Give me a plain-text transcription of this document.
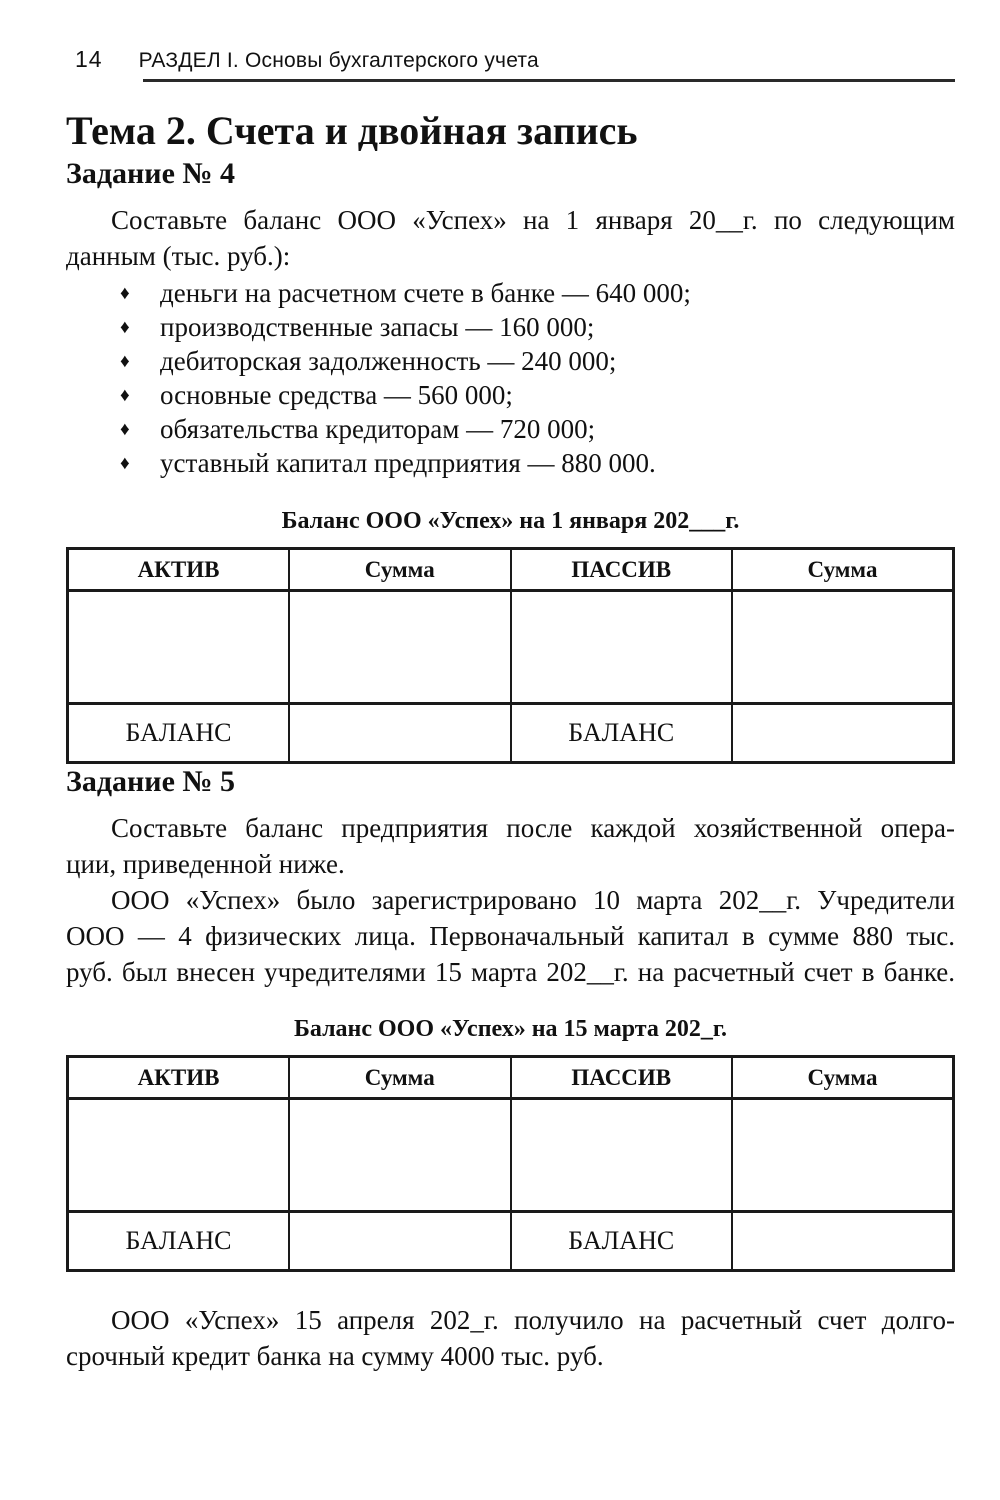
14 РАЗДЕЛ I. Основы бухгалтерского учета
Тема 2. Счета и двойная запись
Задание № 4
Составьте баланс ООО «Успех» на 1 января 20__г. по следующим
данным (тыс. руб.):
♦ деньги на расчетном счете в банке — 640 000;
♦ производственные запасы — 160 000;
♦ дебиторская задолженность — 240 000;
♦ основные средства — 560 000;
♦ обязательства кредиторам — 720 000;
♦ уставный капитал предприятия — 880 000.
Баланс ООО «Успех» на 1 января 202___г.
АКТИВ	Сумма	ПАССИВ	Сумма

БАЛАНС		БАЛАНС	
Задание № 5
Составьте баланс предприятия после каждой хозяйственной опера-
ции, приведенной ниже.
ООО «Успех» было зарегистрировано 10 марта 202__г. Учредители
ООО — 4 физических лица. Первоначальный капитал в сумме 880 тыс.
руб. был внесен учредителями 15 марта 202__г. на расчетный счет в банке.
Баланс ООО «Успех» на 15 марта 202_г.
АКТИВ	Сумма	ПАССИВ	Сумма

БАЛАНС		БАЛАНС	
ООО «Успех» 15 апреля 202_г. получило на расчетный счет долго-
срочный кредит банка на сумму 4000 тыс. руб.
